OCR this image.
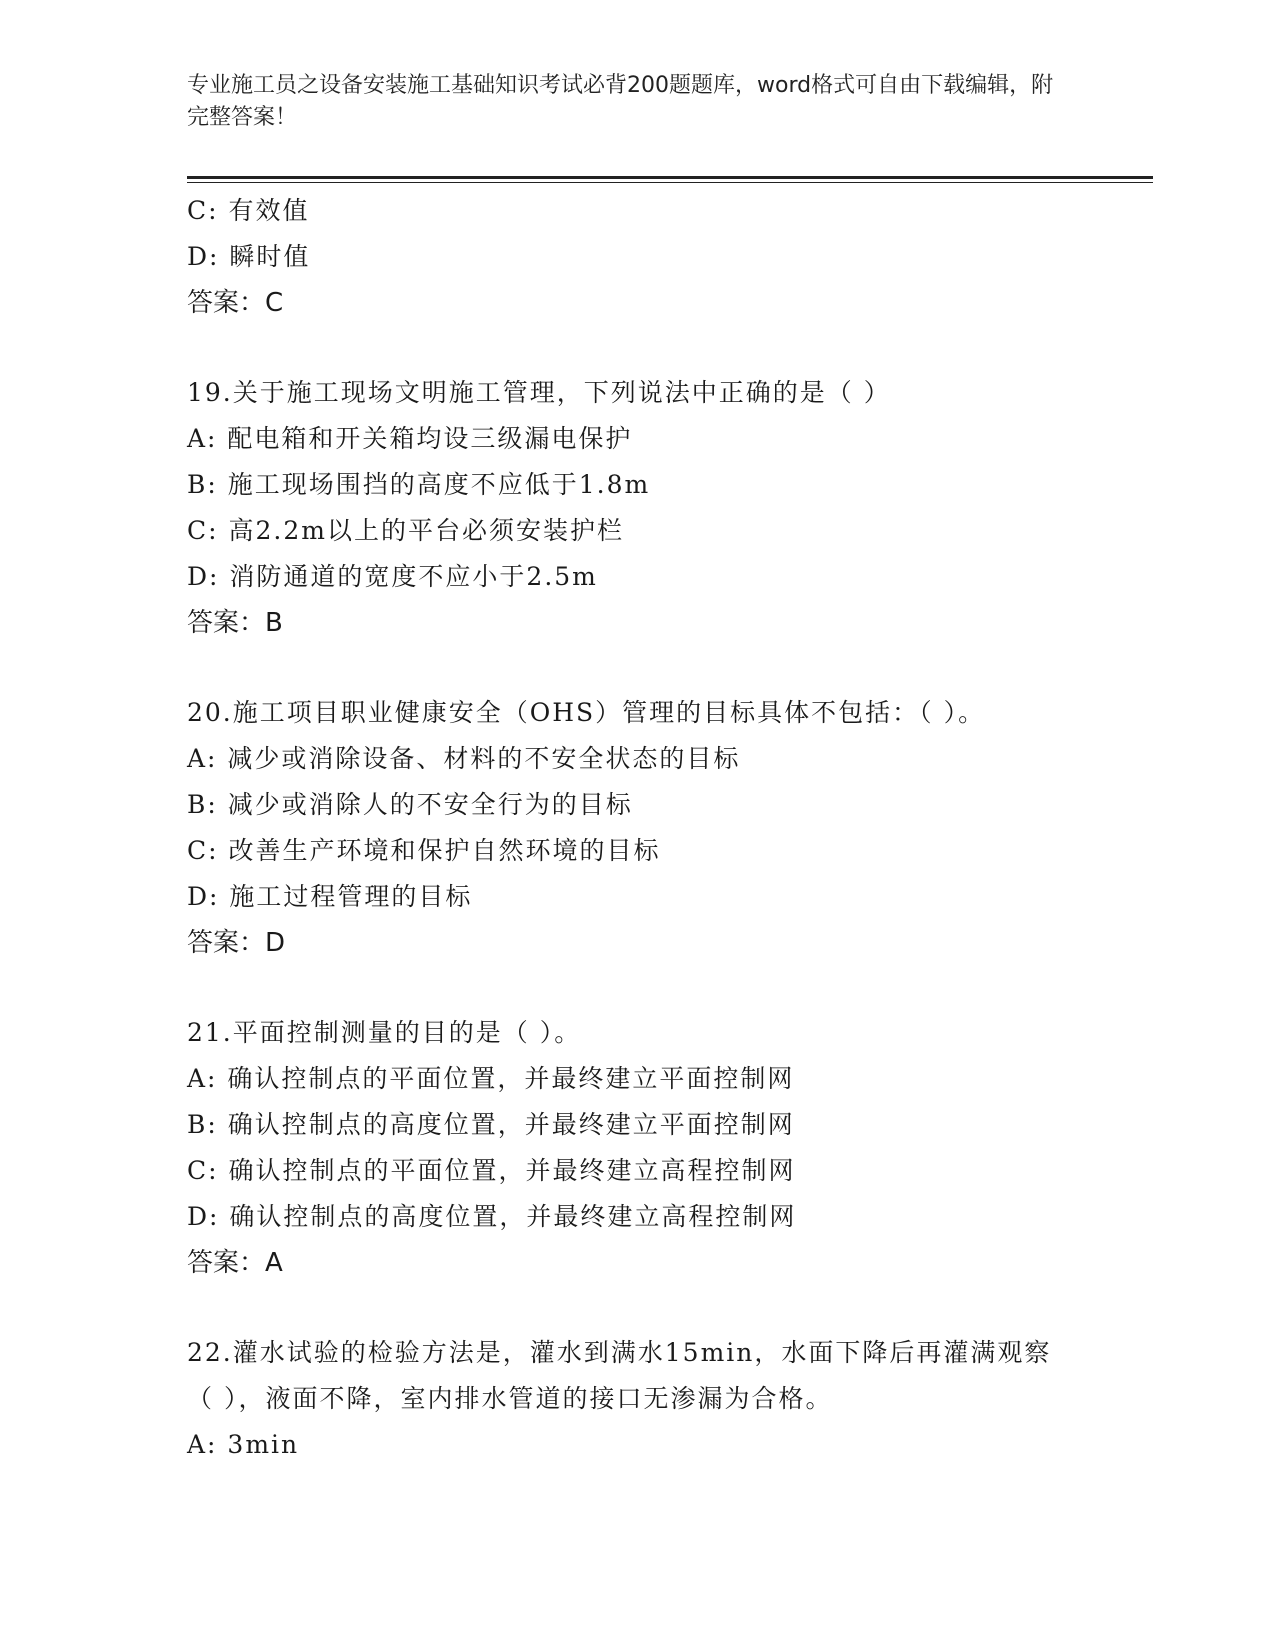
专业施工员之设备安装施工基础知识考试必背200题题库，word格式可自由下载编辑，附完整答案！
C: 有效值
D: 瞬时值
答案：C
19.关于施工现场文明施工管理，下列说法中正确的是（ ）
A: 配电箱和开关箱均设三级漏电保护
B: 施工现场围挡的高度不应低于1.8m
C: 高2.2m以上的平台必须安装护栏
D: 消防通道的宽度不应小于2.5m
答案：B
20.施工项目职业健康安全（OHS）管理的目标具体不包括：（ ）。
A: 减少或消除设备、材料的不安全状态的目标
B: 减少或消除人的不安全行为的目标
C: 改善生产环境和保护自然环境的目标
D: 施工过程管理的目标
答案：D
21.平面控制测量的目的是（ ）。
A: 确认控制点的平面位置，并最终建立平面控制网
B: 确认控制点的高度位置，并最终建立平面控制网
C: 确认控制点的平面位置，并最终建立高程控制网
D: 确认控制点的高度位置，并最终建立高程控制网
答案：A
22.灌水试验的检验方法是，灌水到满水15min，水面下降后再灌满观察（ ），液面不降，室内排水管道的接口无渗漏为合格。
A: 3min
